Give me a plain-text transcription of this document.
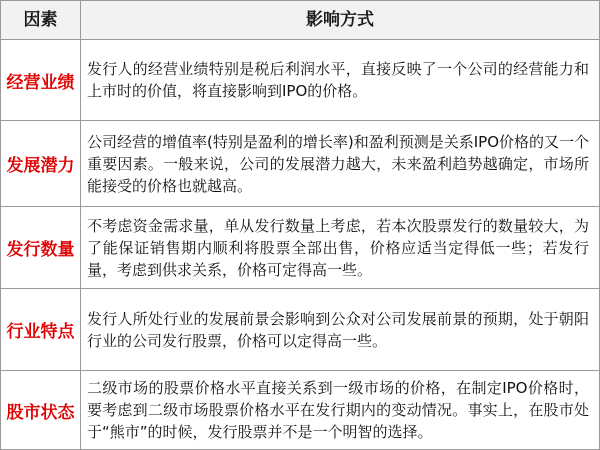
因素	影响方式
经营业绩
发行人的经营业绩特别是税后利润水平，直接反映了一个公司的经营能力和上市时的价值，将直接影响到IPO的价格。
发展潜力
公司经营的增值率(特别是盈利的增长率)和盈利预测是关系IPO价格的又一个重要因素。一般来说，公司的发展潜力越大，未来盈利趋势越确定，市场所能接受的价格也就越高。
发行数量
不考虑资金需求量，单从发行数量上考虑，若本次股票发行的数量较大，为了能保证销售期内顺利将股票全部出售，价格应适当定得低一些；若发行量，考虑到供求关系，价格可定得高一些。
行业特点
发行人所处行业的发展前景会影响到公众对公司发展前景的预期，处于朝阳行业的公司发行股票，价格可以定得高一些。
股市状态
二级市场的股票价格水平直接关系到一级市场的价格，在制定IPO价格时，要考虑到二级市场股票价格水平在发行期内的变动情况。事实上，在股市处于“熊市”的时候，发行股票并不是一个明智的选择。
